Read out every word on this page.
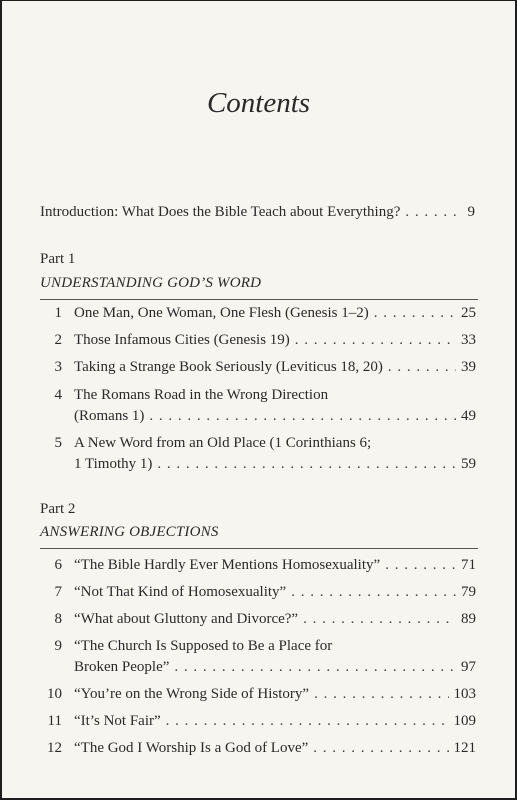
Contents
Introduction: What Does the Bible Teach about Everything? . . .	9
Part 1
UNDERSTANDING GOD’S WORD
1 One Man, One Woman, One Flesh (Genesis 1–2) . . .	25
2 Those Infamous Cities (Genesis 19) . . .	33
3 Taking a Strange Book Seriously (Leviticus 18, 20) . . .	39
4 The Romans Road in the Wrong Direction
(Romans 1) . . .	49
5 A New Word from an Old Place (1 Corinthians 6;
1 Timothy 1) . . .	59
Part 2
ANSWERING OBJECTIONS
6 “The Bible Hardly Ever Mentions Homosexuality” . . .	71
7 “Not That Kind of Homosexuality” . . .	79
8 “What about Gluttony and Divorce?” . . .	89
9 “The Church Is Supposed to Be a Place for
Broken People” . . .	97
10 “You’re on the Wrong Side of History” . . .	103
11 “It’s Not Fair” . . .	109
12 “The God I Worship Is a God of Love” . . .	121
